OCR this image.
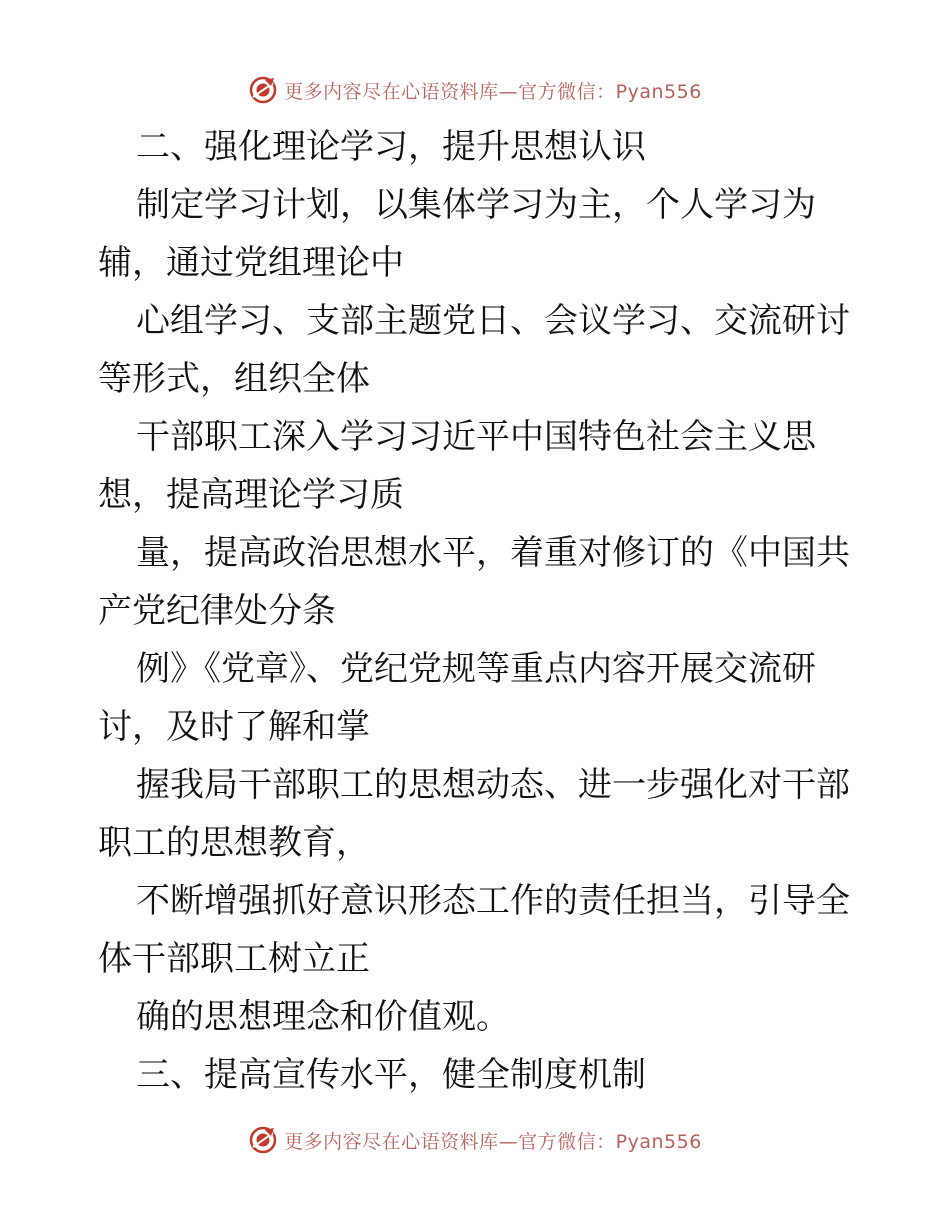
更多内容尽在心语资料库—官方微信：Pyan556
二、强化理论学习，提升思想认识
制定学习计划，以集体学习为主，个人学习为
辅，通过党组理论中
心组学习、支部主题党日、会议学习、交流研讨
等形式，组织全体
干部职工深入学习习近平中国特色社会主义思
想，提高理论学习质
量，提高政治思想水平，着重对修订的《中国共
产党纪律处分条
例》《党章》、党纪党规等重点内容开展交流研
讨，及时了解和掌
握我局干部职工的思想动态、进一步强化对干部
职工的思想教育，
不断增强抓好意识形态工作的责任担当，引导全
体干部职工树立正
确的思想理念和价值观。
三、提高宣传水平，健全制度机制
更多内容尽在心语资料库—官方微信：Pyan556
